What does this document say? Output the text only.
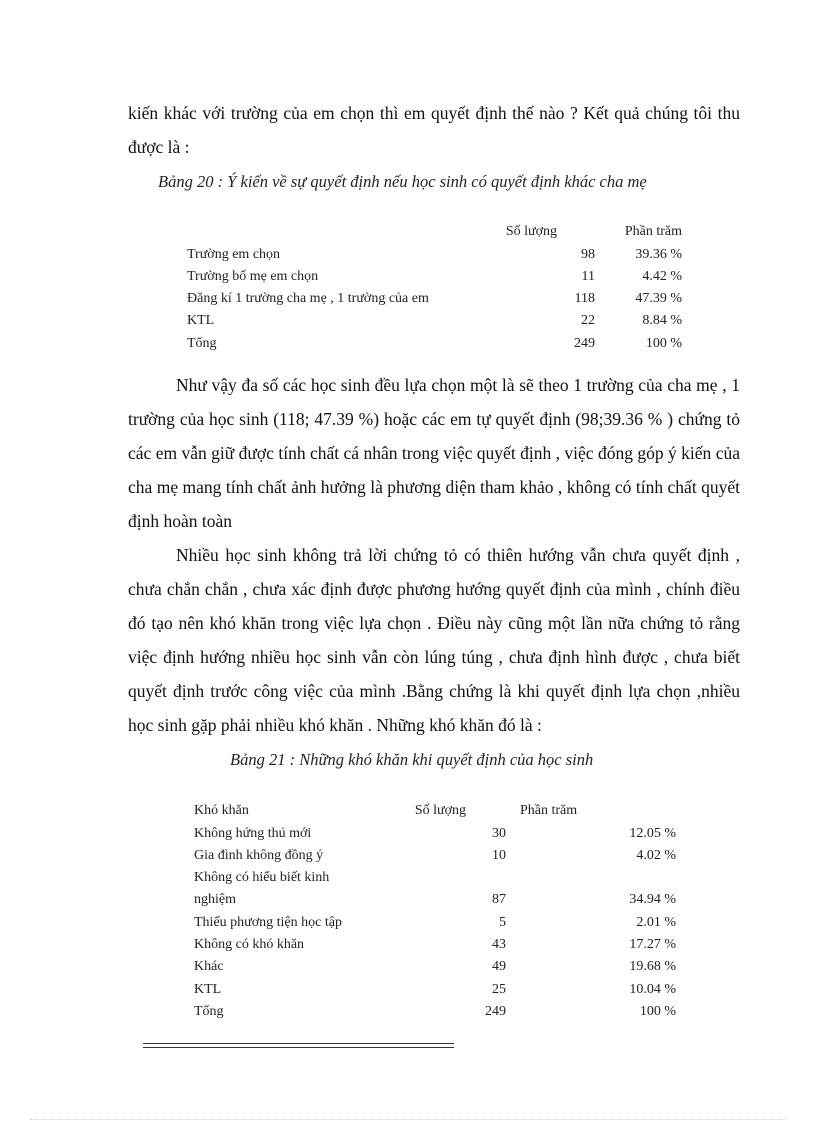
kiến khác với trường của em chọn thì em quyết định thế nào ? Kết quả chúng tôi thu được là :

Bảng 20 : Ý kiến về sự quyết định nếu học sinh có quyết định khác cha mẹ

	Số lượng	Phần trăm
Trường em chọn	98	39.36 %
Trường bố mẹ em chọn	11	4.42 %
Đăng kí 1 trường cha mẹ , 1 trường của em	118	47.39 %
KTL	22	8.84 %
Tổng	249	100 %

Như vậy đa số các học sinh đều lựa chọn một là sẽ theo 1 trường của cha mẹ , 1 trường của học sinh (118; 47.39 %) hoặc các em tự quyết định (98;39.36 % ) chứng tỏ các em vẫn giữ được tính chất cá nhân trong việc quyết định , việc đóng góp ý kiến của cha mẹ mang tính chất ảnh hưởng là phương diện tham khảo , không có tính chất quyết định hoàn toàn

Nhiều học sinh không trả lời chứng tỏ có thiên hướng vẫn chưa quyết định , chưa chắn chắn , chưa xác định được phương hướng quyết định của mình , chính điều đó tạo nên khó khăn trong việc lựa chọn . Điều này cũng một lần nữa chứng tỏ rằng việc định hướng nhiều học sinh vẫn còn lúng túng , chưa định hình được , chưa biết quyết định trước công việc của mình .Bằng chứng là khi quyết định lựa chọn ,nhiều học sinh gặp phải nhiều khó khăn . Những khó khăn đó là :

Bảng 21 : Những khó khăn khi quyết định của học sinh

Khó khăn	Số lượng	Phần trăm
Không hứng thú mới	30	12.05 %
Gia đình không đồng ý	10	4.02 %
Không có hiểu biết kinh		
nghiệm	87	34.94 %
Thiếu phương tiện học tập	5	2.01 %
Không có khó khăn	43	17.27 %
Khác	49	19.68 %
KTL	25	10.04 %
Tổng	249	100 %
